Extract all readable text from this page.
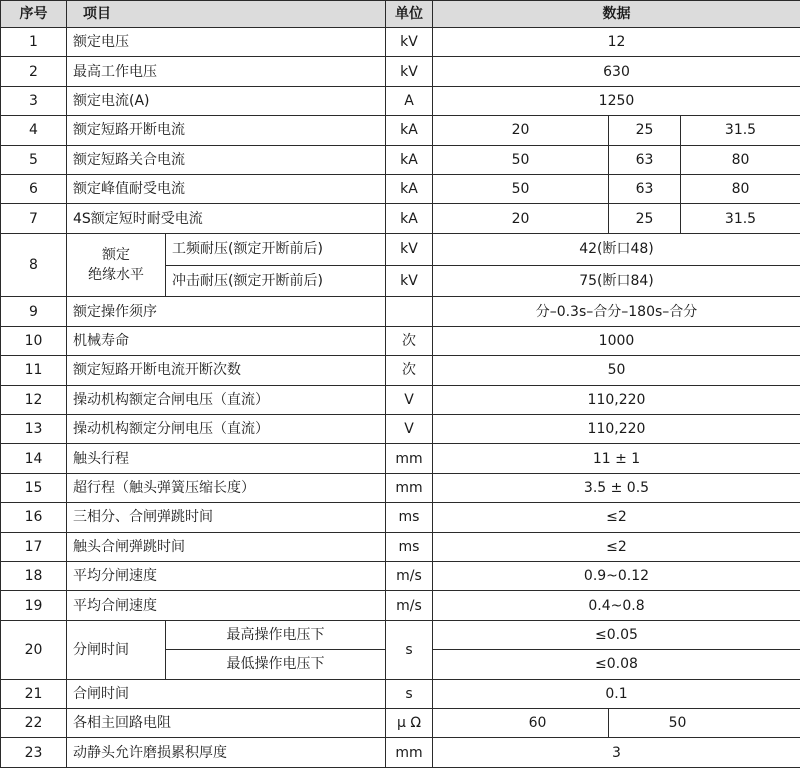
序号	项目		单位	数据		
1	额定电压		kV	12		
2	最高工作电压		kV	630		
3	额定电流(A)		A	1250		
4	额定短路开断电流		kA	20	25	31.5
5	额定短路关合电流		kA	50	63	80
6	额定峰值耐受电流		kA	50	63	80
7	4S额定短时耐受电流		kA	20	25	31.5
8	额定
绝缘水平	工频耐压(额定开断前后)	kV	42(断口48)		
		冲击耐压(额定开断前后)	kV	75(断口84)		
9	额定操作须序			分–0.3s–合分–180s–合分		
10	机械寿命		次	1000		
11	额定短路开断电流开断次数		次	50		
12	操动机构额定合闸电压（直流）		V	110,220		
13	操动机构额定分闸电压（直流）		V	110,220		
14	触头行程		mm	11 ± 1		
15	超行程（触头弹簧压缩长度）		mm	3.5 ± 0.5		
16	三相分、合闸弹跳时间		ms	≤2		
17	触头合闸弹跳时间		ms	≤2		
18	平均分闸速度		m/s	0.9~0.12		
19	平均合闸速度		m/s	0.4~0.8		
20	分闸时间	最高操作电压下	s	≤0.05		
		最低操作电压下		≤0.08		
21	合闸时间		s	0.1		
22	各相主回路电阻		μ Ω	60	50	
23	动静头允许磨损累积厚度		mm	3		
